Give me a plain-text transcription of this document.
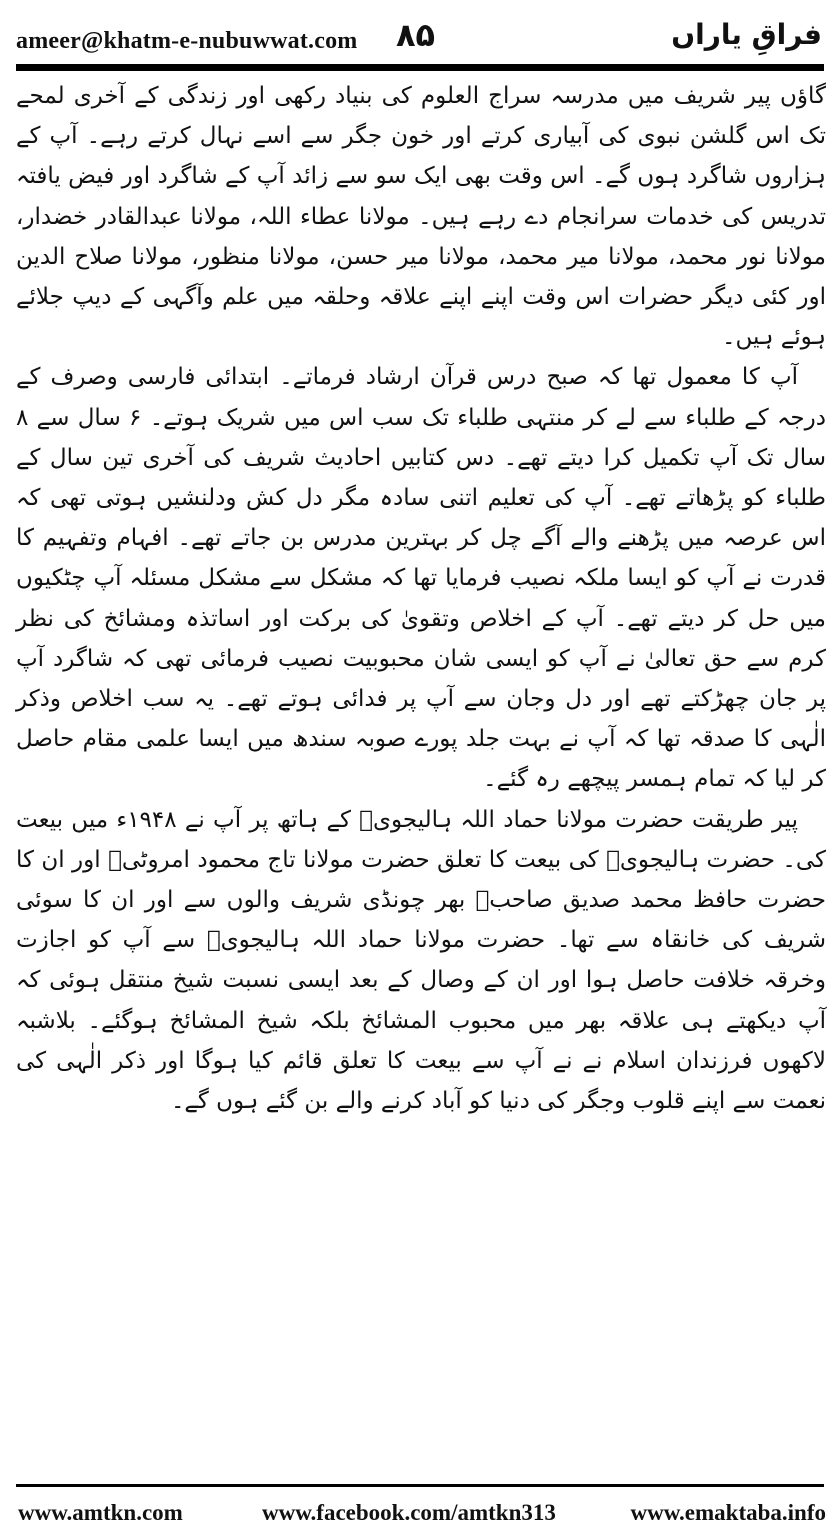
ameer@khatm-e-nubuwwat.com ۸۵	فراقِ یاراں

گاؤں پیر شریف میں مدرسہ سراج العلوم کی بنیاد رکھی اور زندگی کے آخری لمحے تک اس گلشن نبوی کی آبیاری کرتے اور خون جگر سے اسے نہال کرتے رہے۔ آپ کے ہزاروں شاگرد ہوں گے۔ اس وقت بھی ایک سو سے زائد آپ کے شاگرد اور فیض یافتہ تدریس کی خدمات سرانجام دے رہے ہیں۔ مولانا عطاء اللہ، مولانا عبدالقادر خضدار، مولانا نور محمد، مولانا میر محمد، مولانا میر حسن، مولانا منظور، مولانا صلاح الدین اور کئی دیگر حضرات اس وقت اپنے اپنے علاقہ وحلقہ میں علم وآگہی کے دیپ جلائے ہوئے ہیں۔

آپ کا معمول تھا کہ صبح درس قرآن ارشاد فرماتے۔ ابتدائی فارسی وصرف کے درجہ کے طلباء سے لے کر منتہی طلباء تک سب اس میں شریک ہوتے۔ ۶ سال سے ۸ سال تک آپ تکمیل کرا دیتے تھے۔ دس کتابیں احادیث شریف کی آخری تین سال کے طلباء کو پڑھاتے تھے۔ آپ کی تعلیم اتنی سادہ مگر دل کش ودلنشیں ہوتی تھی کہ اس عرصہ میں پڑھنے والے آگے چل کر بہترین مدرس بن جاتے تھے۔ افہام وتفہیم کا قدرت نے آپ کو ایسا ملکہ نصیب فرمایا تھا کہ مشکل سے مشکل مسئلہ آپ چٹکیوں میں حل کر دیتے تھے۔ آپ کے اخلاص وتقویٰ کی برکت اور اساتذہ ومشائخ کی نظر کرم سے حق تعالیٰ نے آپ کو ایسی شان محبوبیت نصیب فرمائی تھی کہ شاگرد آپ پر جان چھڑکتے تھے اور دل وجان سے آپ پر فدائی ہوتے تھے۔ یہ سب اخلاص وذکر الٰہی کا صدقہ تھا کہ آپ نے بہت جلد پورے صوبہ سندھ میں ایسا علمی مقام حاصل کر لیا کہ تمام ہمسر پیچھے رہ گئے۔

پیر طریقت حضرت مولانا حماد اللہ ہالیجویؒ کے ہاتھ پر آپ نے ۱۹۴۸ء میں بیعت کی۔ حضرت ہالیجویؒ کی بیعت کا تعلق حضرت مولانا تاج محمود امروٹیؒ اور ان کا حضرت حافظ محمد صدیق صاحبؒ بھر چونڈی شریف والوں سے اور ان کا سوئی شریف کی خانقاہ سے تھا۔ حضرت مولانا حماد اللہ ہالیجویؒ سے آپ کو اجازت وخرقہ خلافت حاصل ہوا اور ان کے وصال کے بعد ایسی نسبت شیخ منتقل ہوئی کہ آپ دیکھتے ہی علاقہ بھر میں محبوب المشائخ بلکہ شیخ المشائخ ہوگئے۔ بلاشبہ لاکھوں فرزندان اسلام نے نے آپ سے بیعت کا تعلق قائم کیا ہوگا اور ذکر الٰہی کی نعمت سے اپنے قلوب وجگر کی دنیا کو آباد کرنے والے بن گئے ہوں گے۔

www.amtkn.com	www.facebook.com/amtkn313	www.emaktaba.info
